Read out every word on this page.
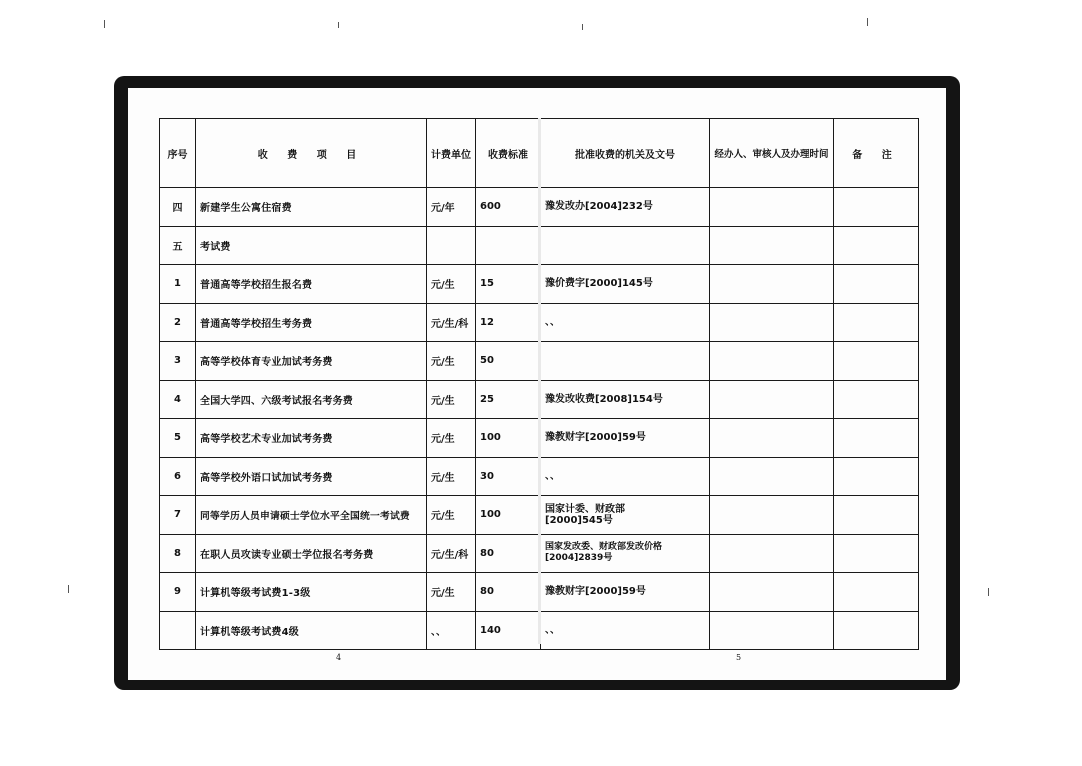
序号	收 费 项 目	计费单位	收费标准	批准收费的机关及文号	经办人、审核人及办理时间	备 注
四	新建学生公寓住宿费	元/年	600	豫发改办[2004]232号		
五	考试费					
1	普通高等学校招生报名费	元/生	15	豫价费字[2000]145号		
2	普通高等学校招生考务费	元/生/科	12	、、		
3	高等学校体育专业加试考务费	元/生	50			
4	全国大学四、六级考试报名考务费	元/生	25	豫发改收费[2008]154号		
5	高等学校艺术专业加试考务费	元/生	100	豫教财字[2000]59号		
6	高等学校外语口试加试考务费	元/生	30	、、		
7	同等学历人员申请硕士学位水平全国统一考试费	元/生	100	国家计委、财政部
[2000]545号		

8	在职人员攻读专业硕士学位报名考务费	元/生/科	80	国家发改委、财政部发改价格
[2004]2839号		

9	计算机等级考试费1-3级	元/生	80	豫教财字[2000]59号		
	计算机等级考试费4级	、、	140	、、		
4	5
